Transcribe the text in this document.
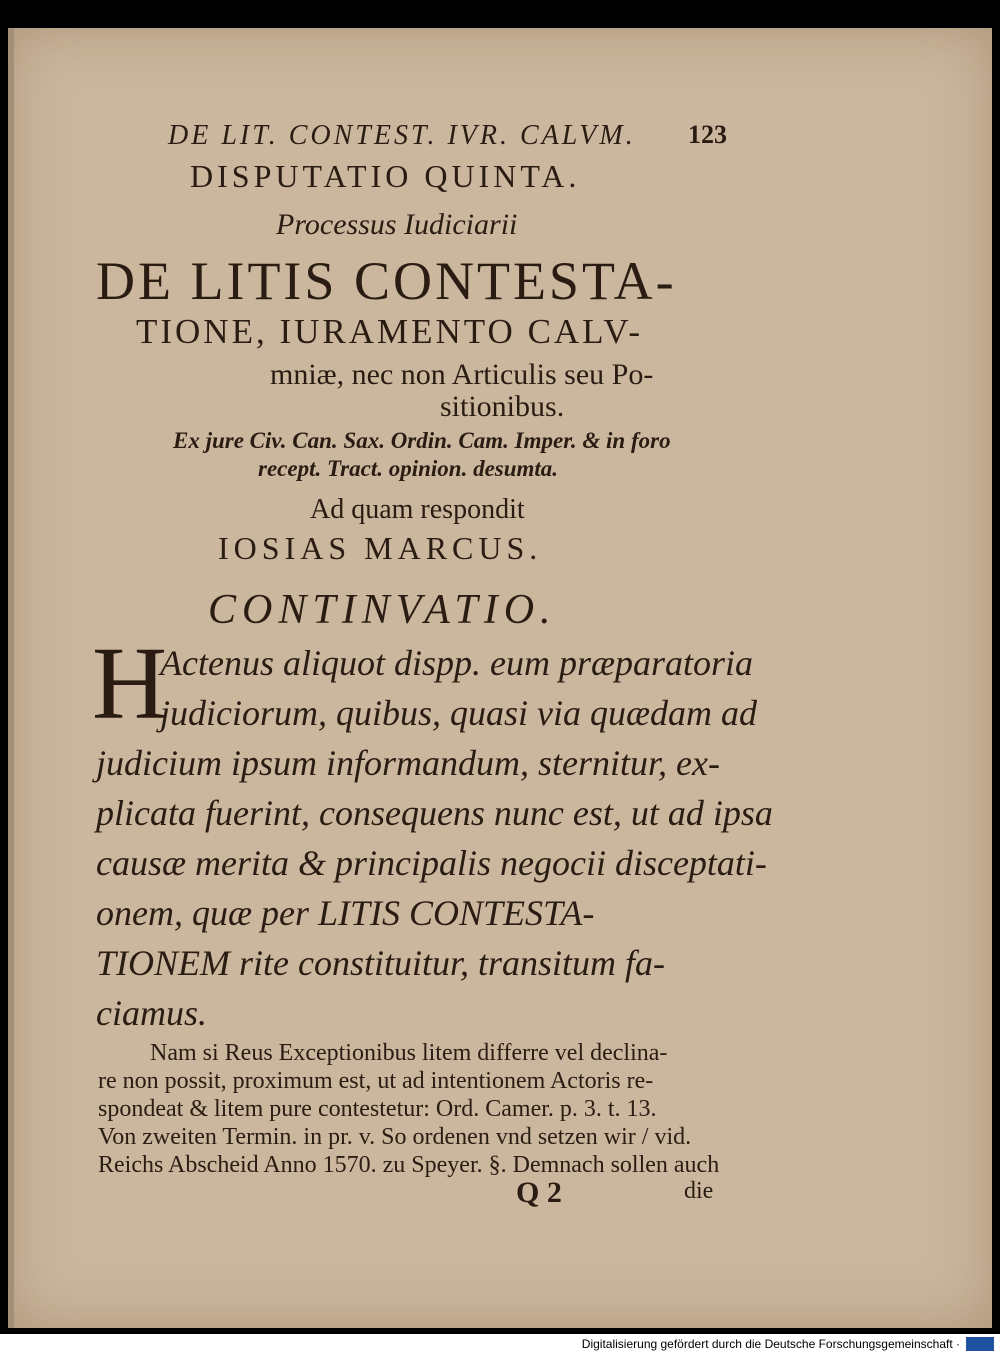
DE LIT. CONTEST. IVR. CALVM. 123
DISPUTATIO QUINTA.
Processus Iudiciarii
DE LITIS CONTESTA-
TIONE, IURAMENTO CALV-
mniæ, nec non Articulis seu Po-
sitionibus.
Ex jure Civ. Can. Sax. Ordin. Cam. Imper. & in foro
recept. Tract. opinion. desumta.
Ad quam respondit
IOSIAS MARCUS.
CONTINVATIO.
H
Actenus aliquot dispp. eum præparatoria
judiciorum, quibus, quasi via quædam ad
judicium ipsum informandum, sternitur, ex-
plicata fuerint, consequens nunc est, ut ad ipsa
causæ merita & principalis negocii disceptati-
onem, quæ per LITIS CONTESTA-
TIONEM rite constituitur, transitum fa-
ciamus.
Nam si Reus Exceptionibus litem differre vel declina-
re non possit, proximum est, ut ad intentionem Actoris re-
spondeat & litem pure contestetur: Ord. Camer. p. 3. t. 13.
Von zweiten Termin. in pr. v. So ordenen vnd setzen wir / vid.
Reichs Abscheid Anno 1570. zu Speyer. §. Demnach sollen auch
Q 2	die
Digitalisierung gefördert durch die Deutsche Forschungsgemeinschaft ·
